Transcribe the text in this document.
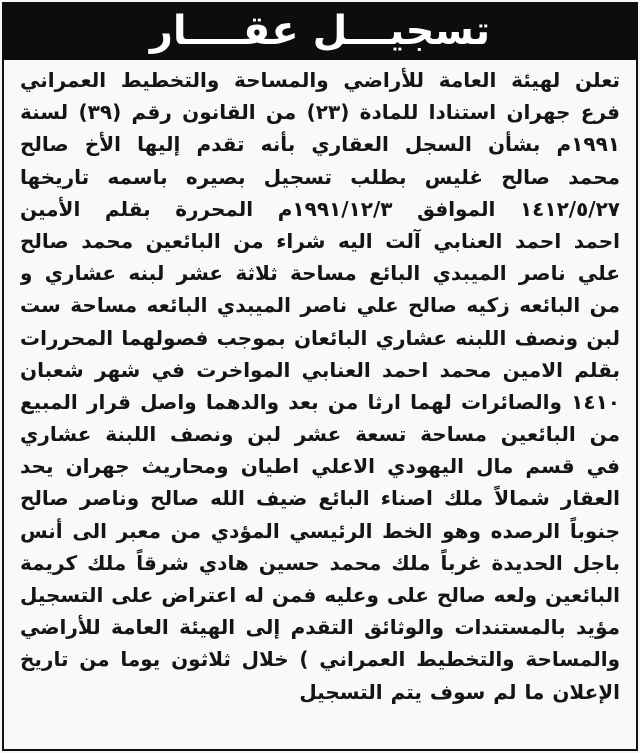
تسجيـــل عقــــار
تعلن لهيئة العامة للأراضي والمساحة والتخطيط العمراني
فرع جهران استنادا للمادة (٢٣) من القانون رقم (٣٩) لسنة
١٩٩١م بشأن السجل العقاري بأنه تقدم إليها الأخ صالح
محمد صالح غليس بطلب تسجيل بصيره باسمه تاريخها
١٤١٢/٥/٢٧ الموافق ١٩٩١/١٢/٣م المحررة بقلم الأمين
احمد احمد العنابي آلت اليه شراء من البائعين محمد صالح
علي ناصر الميبدي البائع مساحة ثلاثة عشر لبنه عشاري و
من البائعه زكيه صالح علي ناصر الميبدي البائعه مساحة ست
لبن ونصف اللبنه عشاري البائعان بموجب فصولهما المحررات
بقلم الامين محمد احمد العنابي المواخرت في شهر شعبان
١٤١٠ والصائرات لهما ارثا من بعد والدهما واصل قرار المبيع
من البائعين مساحة تسعة عشر لبن ونصف اللبنة عشاري
في قسم مال اليهودي الاعلي اطيان ومحاريث جهران يحد
العقار شمالاً ملك اصناء البائع ضيف الله صالح وناصر صالح
جنوباً الرصده وهو الخط الرئيسي المؤدي من معبر الى أنس
باجل الحديدة غرباً ملك محمد حسين هادي شرقاً ملك كريمة
البائعين ولعه صالح على وعليه فمن له اعتراض على التسجيل
مؤيد بالمستندات والوثائق التقدم إلى الهيئة العامة للأراضي
والمساحة والتخطيط العمراني ) خلال ثلاثون يوما من تاريخ
الإعلان ما لم سوف يتم التسجيل
